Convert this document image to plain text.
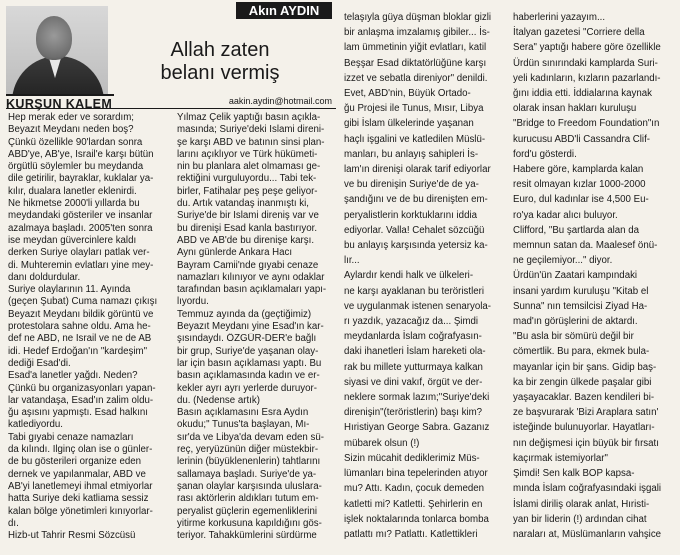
KURŞUN KALEM
Akın AYDIN
Allah zaten
belanı vermiş
aakin.aydin@hotmail.com
Hep merak eder ve sorardım;
Beyazıt Meydanı neden boş?
Çünkü özellikle 90'lardan sonra
ABD'ye, AB'ye, İsrail'e karşı bütün
örgütlü söylemler bu meydanda
dile getirilir, bayraklar, kuklalar ya-
kılır, dualara lanetler eklenirdi.
Ne hikmetse 2000'li yıllarda bu
meydandaki gösteriler ve insanlar
azalmaya başladı. 2005'ten sonra
ise meydan güvercinlere kaldı
derken Suriye olayları patlak ver-
di. Muhteremin evlatları yine mey-
danı doldurdular.
Suriye olaylarının 11. Ayında
(geçen Şubat) Cuma namazı çıkışı
Beyazıt Meydanı bildik görüntü ve
protestolara sahne oldu. Ama he-
def ne ABD, ne İsrail ve ne de AB
idi. Hedef Erdoğan'ın "kardeşim"
dediği Esad'di.
Esad'a lanetler yağdı. Neden?
Çünkü bu organizasyonları yapan-
lar vatandaşa, Esad'ın zalim oldu-
ğu aşısını yapmıştı. Esad halkını
katlediyordu.
Tabi gıyabi cenaze namazları
da kılındı. İlginç olan ise o günler-
de bu gösterileri organize eden
dernek ve yapılanmalar, ABD ve
AB'yi lanetlemeyi ihmal etmiyorlar
hatta Suriye deki katliama sessiz
kalan bölge yönetimleri kınıyorlar-
dı.
Hizb-ut Tahrir Resmi Sözcüsü
Yılmaz Çelik yaptığı basın açıkla-
masında; Suriye'deki İslami direni-
şe karşı ABD ve batının sinsi plan-
larını açıklıyor ve Türk hükümeti-
nin bu planlara alet olmaması ge-
rektiğini vurguluyordu... Tabi tek-
birler, Fatihalar peş peşe geliyor-
du. Artık vatandaş inanmıştı ki,
Suriye'de bir İslami direniş var ve
bu direnişi Esad kanla bastırıyor.
ABD ve AB'de bu direnişe karşı.
Aynı günlerde Ankara Hacı
Bayram Camii'nde gıyabi cenaze
namazları kılınıyor ve aynı odaklar
tarafından basın açıklamaları yapı-
lıyordu.
Temmuz ayında da (geçtiğimiz)
Beyazıt Meydanı yine Esad'ın kar-
şısındaydı. ÖZGÜR-DER'e bağlı
bir grup, Suriye'de yaşanan olay-
lar için basın açıklaması yaptı. Bu
basın açıklamasında kadın ve er-
kekler ayrı ayrı yerlerde duruyor-
du. (Nedense artık)
Basın açıklamasını Esra Aydın
okudu;" Tunus'ta başlayan, Mı-
sır'da ve Libya'da devam eden sü-
reç, yeryüzünün diğer müstekbir-
lerinin (büyüklenenlerin) tahtlarını
sallamaya başladı. Suriye'de ya-
şanan olaylar karşısında uluslara-
rası aktörlerin aldıkları tutum em-
peryalist güçlerin egemenliklerini
yitirme korkusuna kapıldığını gös-
teriyor. Tahakkümlerini sürdürme
telaşıyla güya düşman bloklar gizli
bir anlaşma imzalamış gibiler... İs-
lam ümmetinin yiğit evlatları, katil
Beşşar Esad diktatörlüğüne karşı
izzet ve sebatla direniyor" denildi.
Evet, ABD'nin, Büyük Ortado-
ğu Projesi ile Tunus, Mısır, Libya
gibi İslam ülkelerinde yaşanan
haçlı işgalini ve katledilen Müslü-
manları, bu anlayış sahipleri İs-
lam'ın direnişi olarak tarif ediyorlar
ve bu direnişin Suriye'de de ya-
şandığını ve de bu direnişten em-
peryalistlerin korktuklarını iddia
ediyorlar. Valla! Cehalet sözcüğü
bu anlayış karşısında yetersiz ka-
lır...
Aylardır kendi halk ve ülkeleri-
ne karşı ayaklanan bu teröristleri
ve uygulanmak istenen senaryola-
rı yazdık, yazacağız da... Şimdi
meydanlarda İslam coğrafyasın-
daki ihanetleri İslam hareketi ola-
rak bu millete yutturmaya kalkan
siyasi ve dini vakıf, örgüt ve der-
neklere sormak lazım;"Suriye'deki
direnişin"(teröristlerin) başı kim?
Hıristiyan George Sabra. Gazanız
mübarek olsun (!)
Sizin mücahit dediklerimiz Müs-
lümanları bina tepelerinden atıyor
mu? Attı. Kadın, çocuk demeden
katletti mi? Katletti. Şehirlerin en
işlek noktalarında tonlarca bomba
patlattı mı? Patlattı. Katlettikleri
haberlerini yazayım...
İtalyan gazetesi "Corriere della
Sera" yaptığı habere göre özellikle
Ürdün sınırındaki kamplarda Suri-
yeli kadınların, kızların pazarlandı-
ğını iddia etti. İddialarına kaynak
olarak insan hakları kuruluşu
"Bridge to Freedom Foundation"ın
kurucusu ABD'li Cassandra Clif-
ford'u gösterdi.
Habere göre, kamplarda kalan
resit olmayan kızlar 1000-2000
Euro, dul kadınlar ise 4,500 Eu-
ro'ya kadar alıcı buluyor.
Clifford, "Bu şartlarda alan da
memnun satan da. Maalesef önü-
ne geçilemiyor..." diyor.
Ürdün'ün Zaatari kampındaki
insani yardım kuruluşu "Kitab el
Sunna" nın temsilcisi Ziyad Ha-
mad'ın görüşlerini de aktardı.
"Bu asla bir sömürü değil bir
cömertlik. Bu para, ekmek bula-
mayanlar için bir şans. Gidip baş-
ka bir zengin ülkede paşalar gibi
yaşayacaklar. Bazen kendileri bi-
ze başvurarak 'Bizi Araplara satın'
isteğinde bulunuyorlar. Hayatları-
nın değişmesi için büyük bir fırsatı
kaçırmak istemiyorlar"
Şimdi! Sen kalk BOP kapsa-
mında İslam coğrafyasındaki işgali
İslami diriliş olarak anlat, Hıristi-
yan bir liderin (!) ardından cihat
naraları at, Müslümanların vahşice
